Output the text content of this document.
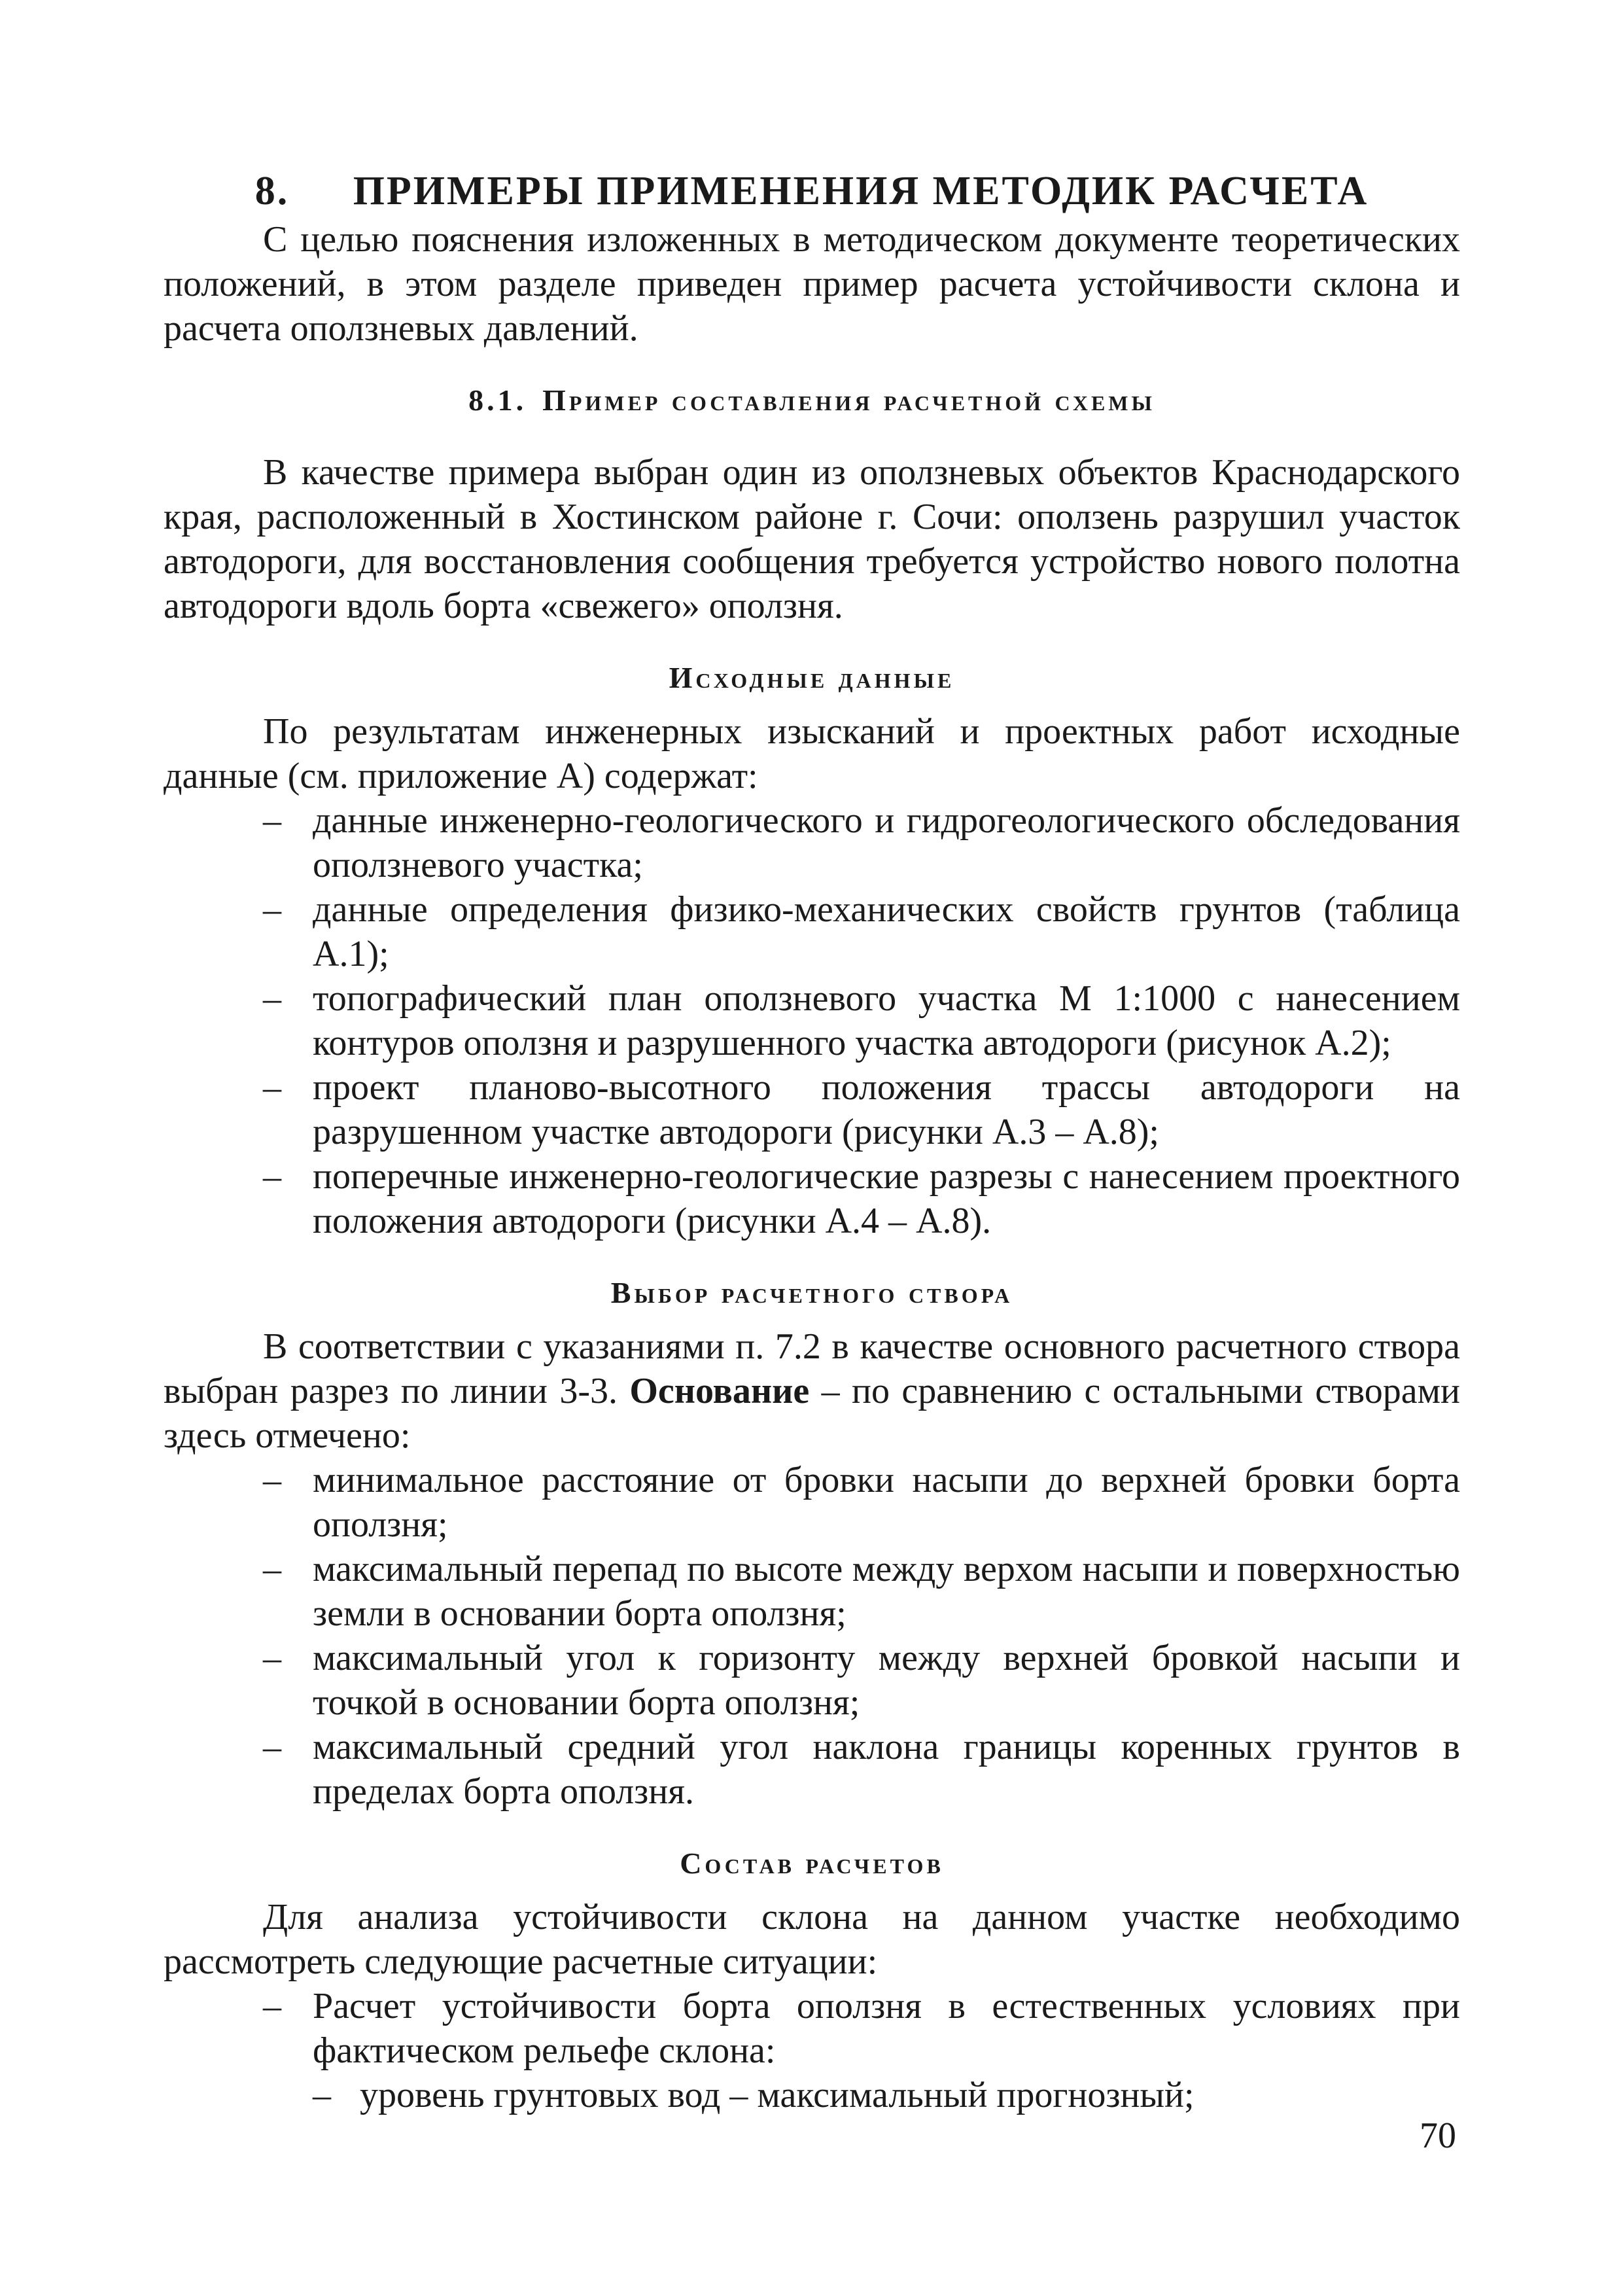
8. ПРИМЕРЫ ПРИМЕНЕНИЯ МЕТОДИК РАСЧЕТА

С целью пояснения изложенных в методическом документе теоретических положений, в этом разделе приведен пример расчета устойчивости склона и расчета оползневых давлений.

8.1. Пример составления расчетной схемы

В качестве примера выбран один из оползневых объектов Краснодарского края, расположенный в Хостинском районе г. Сочи: оползень разрушил участок автодороги, для восстановления сообщения требуется устройство нового полотна автодороги вдоль борта «свежего» оползня.

Исходные данные

По результатам инженерных изысканий и проектных работ исходные данные (см. приложение А) содержат:

– данные инженерно-геологического и гидрогеологического обследования оползневого участка;
– данные определения физико-механических свойств грунтов (таблица А.1);
– топографический план оползневого участка М 1:1000 с нанесением контуров оползня и разрушенного участка автодороги (рисунок А.2);
– проект планово-высотного положения трассы автодороги на разрушенном участке автодороги (рисунки А.3 – А.8);
– поперечные инженерно-геологические разрезы с нанесением проектного положения автодороги (рисунки А.4 – А.8).
Выбор расчетного створа

В соответствии с указаниями п. 7.2 в качестве основного расчетного створа выбран разрез по линии 3-3. Основание – по сравнению с остальными створами здесь отмечено:

– минимальное расстояние от бровки насыпи до верхней бровки борта оползня;
– максимальный перепад по высоте между верхом насыпи и поверхностью земли в основании борта оползня;
– максимальный угол к горизонту между верхней бровкой насыпи и точкой в основании борта оползня;
– максимальный средний угол наклона границы коренных грунтов в пределах борта оползня.
Состав расчетов

Для анализа устойчивости склона на данном участке необходимо рассмотреть следующие расчетные ситуации:

– Расчет устойчивости борта оползня в естественных условиях при фактическом рельефе склона:
– уровень грунтовых вод – максимальный прогнозный;
70
